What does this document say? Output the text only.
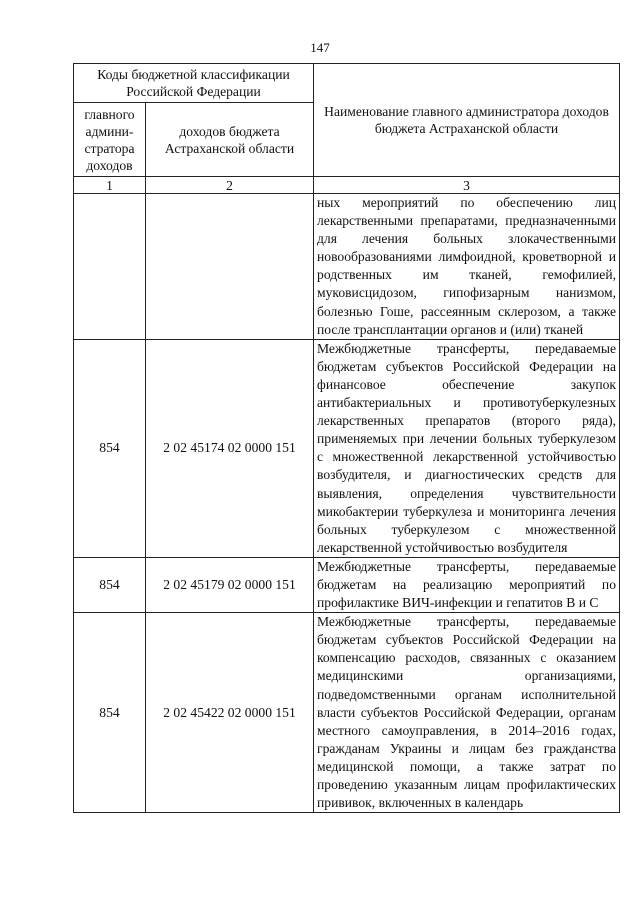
147
Коды бюджетной классификации Российской Федерации		Наименование главного администратора доходов бюджета Астраханской области
главного админи-стратора доходов	доходов бюджета Астраханской области	
1	2	3
		ных мероприятий по обеспечению лиц лекарственными препаратами, предназначенными для лечения больных злокачественными новообразованиями лимфоидной, кроветворной и родственных им тканей, гемофилией, муковисцидозом, гипофизарным нанизмом, болезнью Гоше, рассеянным склерозом, а также после трансплантации органов и (или) тканей
854	2 02 45174 02 0000 151	Межбюджетные трансферты, передаваемые бюджетам субъектов Российской Федерации на финансовое обеспечение закупок антибактериальных и противотуберкулезных лекарственных препаратов (второго ряда), применяемых при лечении больных туберкулезом с множественной лекарственной устойчивостью возбудителя, и диагностических средств для выявления, определения чувствительности микобактерии туберкулеза и мониторинга лечения больных туберкулезом с множественной лекарственной устойчивостью возбудителя
854	2 02 45179 02 0000 151	Межбюджетные трансферты, передаваемые бюджетам на реализацию мероприятий по профилактике ВИЧ-инфекции и гепатитов В и С
854	2 02 45422 02 0000 151	Межбюджетные трансферты, передаваемые бюджетам субъектов Российской Федерации на компенсацию расходов, связанных с оказанием медицинскими организациями, подведомственными органам исполнительной власти субъектов Российской Федерации, органам местного самоуправления, в 2014–2016 годах, гражданам Украины и лицам без гражданства медицинской помощи, а также затрат по проведению указанным лицам профилактических прививок, включенных в календарь
